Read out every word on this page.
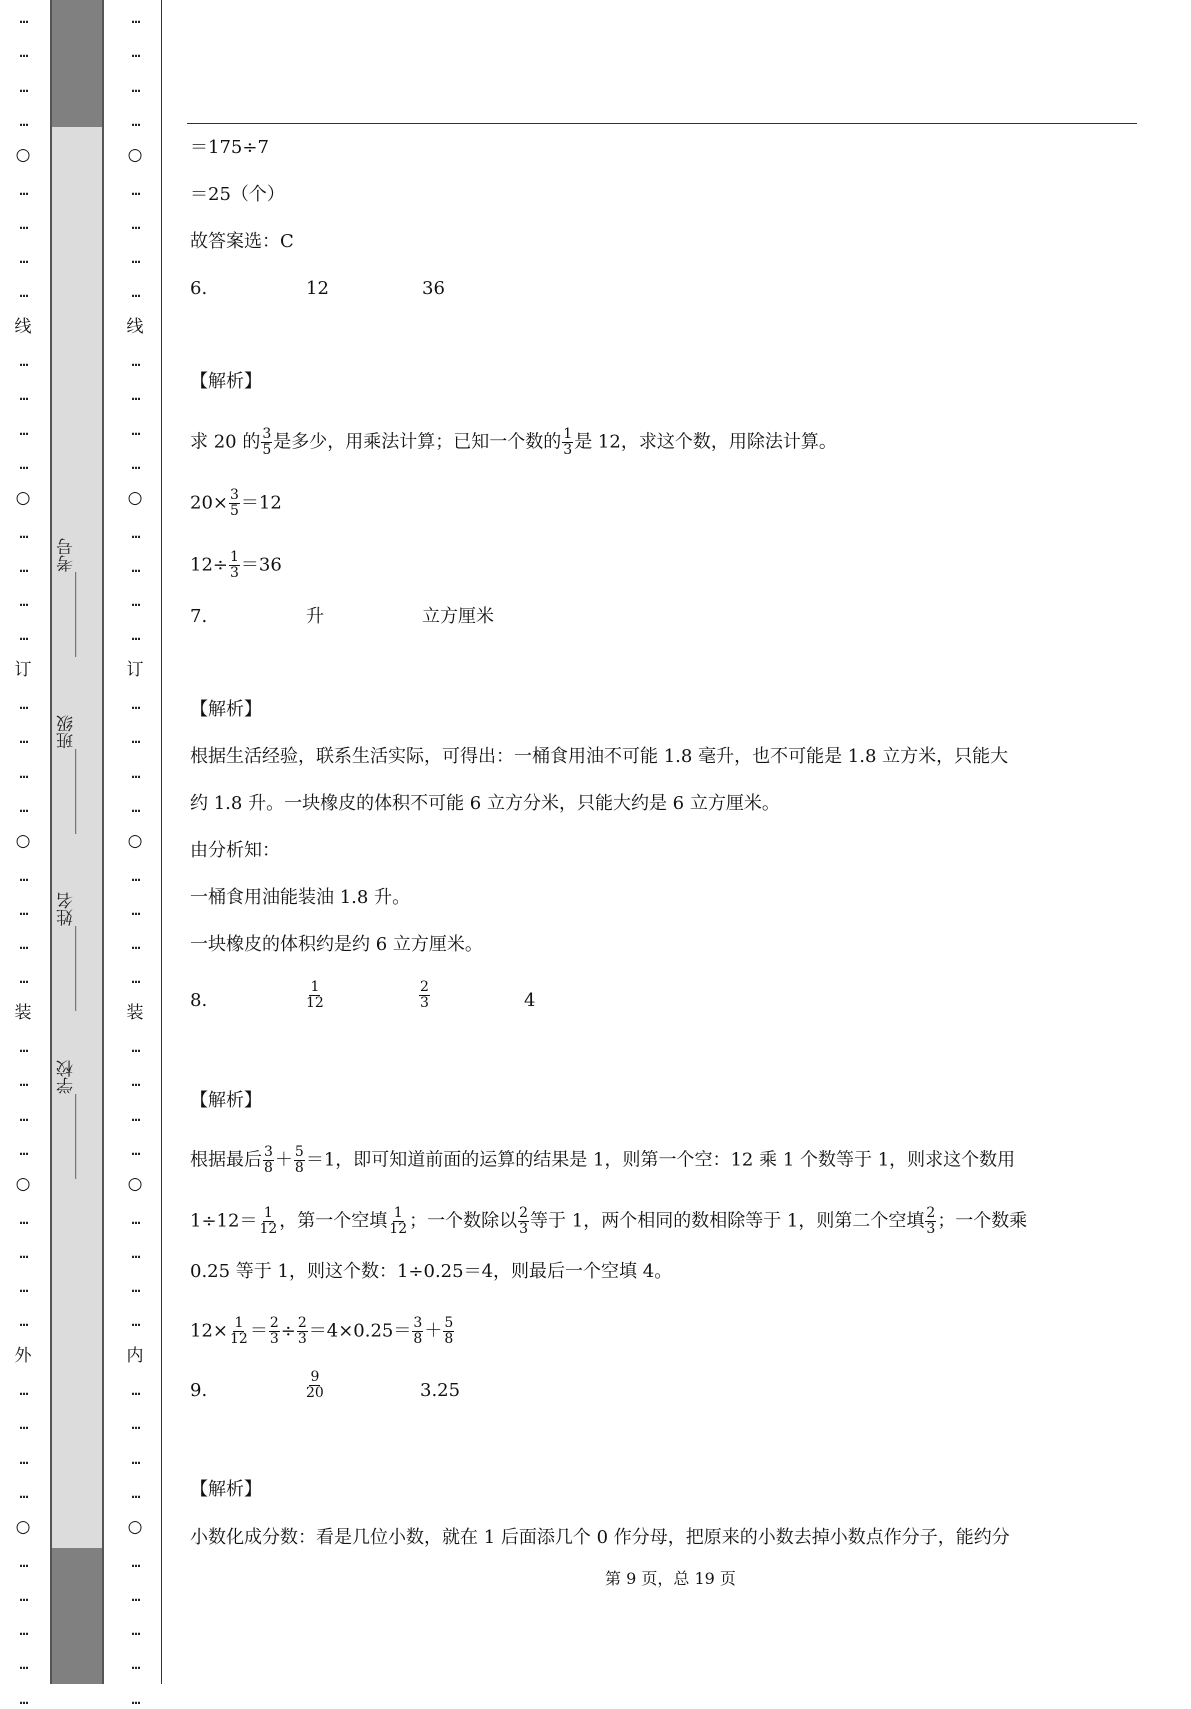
…
…
…
…
○
…
…
…
…
线
…
…
…
…
○
…
…
…
…
订
…
…
…
…
○
…
…
…
…
装
…
…
…
…
○
…
…
…
…
外
…
…
…
…
○
…
…
…
…
…
__________考号
__________班级
__________姓名
__________学校
…
…
…
…
○
…
…
…
…
线
…
…
…
…
○
…
…
…
…
订
…
…
…
…
○
…
…
…
…
装
…
…
…
…
○
…
…
…
…
内
…
…
…
…
○
…
…
…
…
…
＝175÷7
＝25（个）
故答案选：C
6.	12	36
【解析】
求 20 的 $\frac{3}{5}$ 是多少，用乘法计算；已知一个数的 $\frac{1}{3}$ 是 12，求这个数，用除法计算。
$20\times \frac{3}{5} =12$
$12\div \frac{1}{3} =36$
7.	升	立方厘米
【解析】
根据生活经验，联系生活实际，可得出：一桶食用油不可能 1.8 毫升，也不可能是 1.8 立方米，只能大
约 1.8 升。一块橡皮的体积不可能 6 立方分米，只能大约是 6 立方厘米。
由分析知：
一桶食用油能装油 1.8 升。
一块橡皮的体积约是约 6 立方厘米。
8.	$\frac{1}{12}$	$\frac{2}{3}$	4
【解析】
根据最后 $\frac{3}{8} + \frac{5}{8} =1$，即可知道前面的运算的结果是 1，则第一个空：12 乘 1 个数等于 1，则求这个数用
$1\div 12= \frac{1}{12}$ ，第一个空填 $\frac{1}{12}$ ；一个数除以 $\frac{2}{3}$ 等于 1，两个相同的数相除等于 1，则第二个空填 $\frac{2}{3}$ ；一个数乘
0.25 等于 1，则这个数：1÷0.25＝4，则最后一个空填 4。
$12\times \frac{1}{12} = \frac{2}{3} \div \frac{2}{3} =4\times 0.25= \frac{3}{8} + \frac{5}{8}$
9.	$\frac{9}{20}$	3.25
【解析】
小数化成分数：看是几位小数，就在 1 后面添几个 0 作分母，把原来的小数去掉小数点作分子，能约分
第 9 页，总 19 页
